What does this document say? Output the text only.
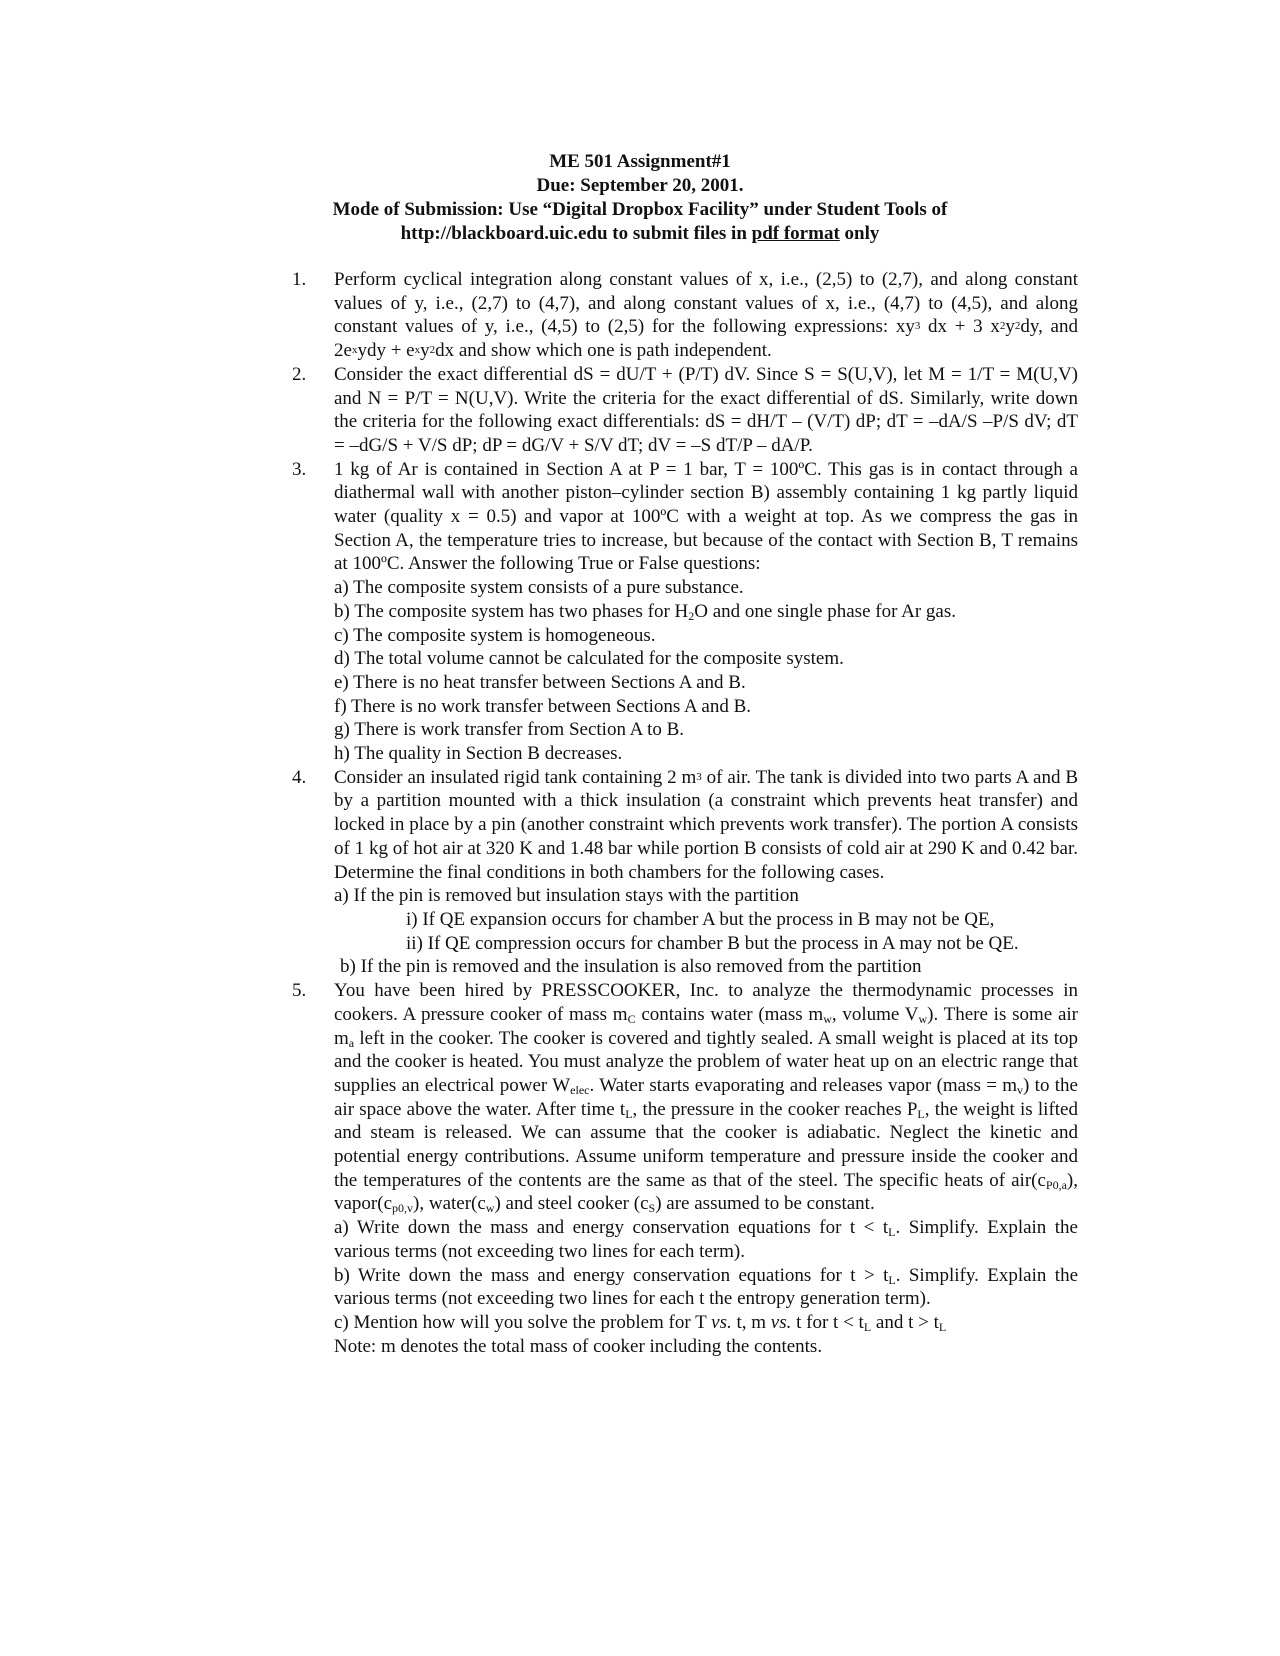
ME 501 Assignment#1
Due: September 20, 2001.
Mode of Submission: Use “Digital Dropbox Facility” under Student Tools of
http://blackboard.uic.edu to submit files in pdf format only
1.	Perform cyclical integration along constant values of x, i.e., (2,5) to (2,7), and along constant values of y, i.e., (2,7) to (4,7), and along constant values of x, i.e., (4,7) to (4,5), and along constant values of y, i.e., (4,5) to (2,5) for the following expressions: $xy^3$ dx + 3 $x^2y^2dy$, and $2e^xydy + e^xy^2dx$ and show which one is path independent.
2.	Consider the exact differential dS = dU/T + (P/T) dV. Since S = S(U,V), let M = 1/T = M(U,V) and N = P/T = N(U,V). Write the criteria for the exact differential of dS. Similarly, write down the criteria for the following exact differentials: dS = dH/T – (V/T) dP; dT = –dA/S –P/S dV; dT = –dG/S + V/S dP; dP = dG/V + S/V dT; dV = –S dT/P – dA/P.
3.	1 kg of Ar is contained in Section A at P = 1 bar, T = 100ºC. This gas is in contact through a diathermal wall with another piston–cylinder section B) assembly containing 1 kg partly liquid water (quality x = 0.5) and vapor at 100ºC with a weight at top. As we compress the gas in Section A, the temperature tries to increase, but because of the contact with Section B, T remains at 100ºC. Answer the following True or False questions:
a) The composite system consists of a pure substance.
b) The composite system has two phases for $H_2O$ and one single phase for Ar gas.
c) The composite system is homogeneous.
d) The total volume cannot be calculated for the composite system.
e) There is no heat transfer between Sections A and B.
f) There is no work transfer between Sections A and B.
g) There is work transfer from Section A to B.
h) The quality in Section B decreases.
4.	Consider an insulated rigid tank containing 2 $m^3$ of air. The tank is divided into two parts A and B by a partition mounted with a thick insulation (a constraint which prevents heat transfer) and locked in place by a pin (another constraint which prevents work transfer). The portion A consists of 1 kg of hot air at 320 K and 1.48 bar while portion B consists of cold air at 290 K and 0.42 bar. Determine the final conditions in both chambers for the following cases.
a) If the pin is removed but insulation stays with the partition
i) If QE expansion occurs for chamber A but the process in B may not be QE,
ii) If QE compression occurs for chamber B but the process in A may not be QE.
b) If the pin is removed and the insulation is also removed from the partition
5.	You have been hired by PRESSCOOKER, Inc. to analyze the thermodynamic processes in cookers. A pressure cooker of mass $m_C$ contains water (mass $m_w$, volume $V_w$). There is some air $m_a$ left in the cooker. The cooker is covered and tightly sealed. A small weight is placed at its top and the cooker is heated. You must analyze the problem of water heat up on an electric range that supplies an electrical power $W_{elec}$. Water starts evaporating and releases vapor (mass = $m_v$) to the air space above the water. After time $t_L$, the pressure in the cooker reaches $P_L$, the weight is lifted and steam is released. We can assume that the cooker is adiabatic. Neglect the kinetic and potential energy contributions. Assume uniform temperature and pressure inside the cooker and the temperatures of the contents are the same as that of the steel. The specific heats of $air(c_{P0,a})$, $vapor(c_{p0,v})$, $water(c_w)$ and steel cooker $(c_S)$ are assumed to be constant.
a) Write down the mass and energy conservation equations for $t < t_L$. Simplify. Explain the various terms (not exceeding two lines for each term).
b) Write down the mass and energy conservation equations for $t > t_L$. Simplify. Explain the various terms (not exceeding two lines for each t the entropy generation term).
c) Mention how will you solve the problem for T vs. t, m vs. t for $t < t_L$ and $t > t_L$
Note: m denotes the total mass of cooker including the contents.
